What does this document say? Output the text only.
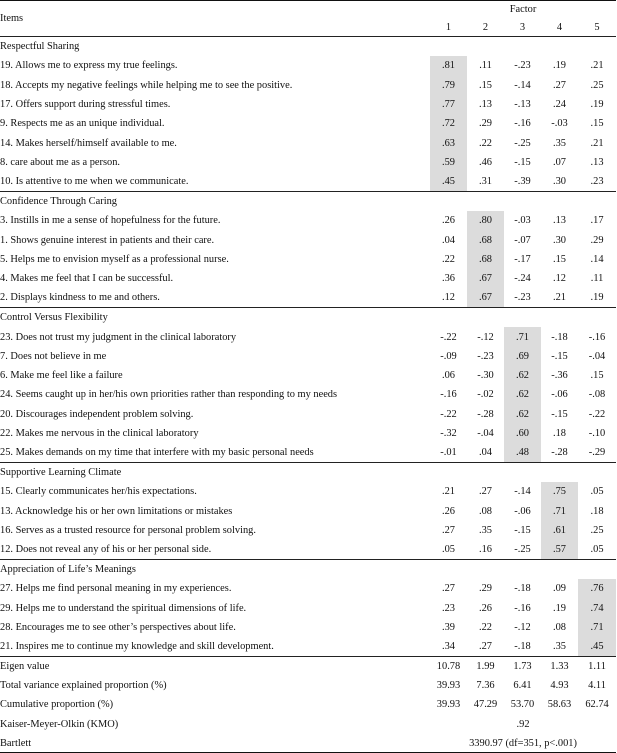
Items	Factor				
	1	2	3	4	5
Respectful Sharing					
19. Allows me to express my true feelings.	.81	.11	-.23	.19	.21
18. Accepts my negative feelings while helping me to see the positive.	.79	.15	-.14	.27	.25
17. Offers support during stressful times.	.77	.13	-.13	.24	.19
9. Respects me as an unique individual.	.72	.29	-.16	-.03	.15
14. Makes herself/himself available to me.	.63	.22	-.25	.35	.21
8. care about me as a person.	.59	.46	-.15	.07	.13
10. Is attentive to me when we communicate.	.45	.31	-.39	.30	.23
Confidence Through Caring					
3. Instills in me a sense of hopefulness for the future.	.26	.80	-.03	.13	.17
1. Shows genuine interest in patients and their care.	.04	.68	-.07	.30	.29
5. Helps me to envision myself as a professional nurse.	.22	.68	-.17	.15	.14
4. Makes me feel that I can be successful.	.36	.67	-.24	.12	.11
2. Displays kindness to me and others.	.12	.67	-.23	.21	.19
Control Versus Flexibility					
23. Does not trust my judgment in the clinical laboratory	-.22	-.12	.71	-.18	-.16
7. Does not believe in me	-.09	-.23	.69	-.15	-.04
6. Make me feel like a failure	.06	-.30	.62	-.36	.15
24. Seems caught up in her/his own priorities rather than responding to my needs	-.16	-.02	.62	-.06	-.08
20. Discourages independent problem solving.	-.22	-.28	.62	-.15	-.22
22. Makes me nervous in the clinical laboratory	-.32	-.04	.60	.18	-.10
25. Makes demands on my time that interfere with my basic personal needs	-.01	.04	.48	-.28	-.29
Supportive Learning Climate					
15. Clearly communicates her/his expectations.	.21	.27	-.14	.75	.05
13. Acknowledge his or her own limitations or mistakes	.26	.08	-.06	.71	.18
16. Serves as a trusted resource for personal problem solving.	.27	.35	-.15	.61	.25
12. Does not reveal any of his or her personal side.	.05	.16	-.25	.57	.05
Appreciation of Life’s Meanings					
27. Helps me find personal meaning in my experiences.	.27	.29	-.18	.09	.76
29. Helps me to understand the spiritual dimensions of life.	.23	.26	-.16	.19	.74
28. Encourages me to see other’s perspectives about life.	.39	.22	-.12	.08	.71
21. Inspires me to continue my knowledge and skill development.	.34	.27	-.18	.35	.45
Eigen value	10.78	1.99	1.73	1.33	1.11
Total variance explained proportion (%)	39.93	7.36	6.41	4.93	4.11
Cumulative proportion (%)	39.93	47.29	53.70	58.63	62.74
Kaiser-Meyer-Olkin (KMO)	.92				
Bartlett	3390.97 (df=351, p<.001)				
